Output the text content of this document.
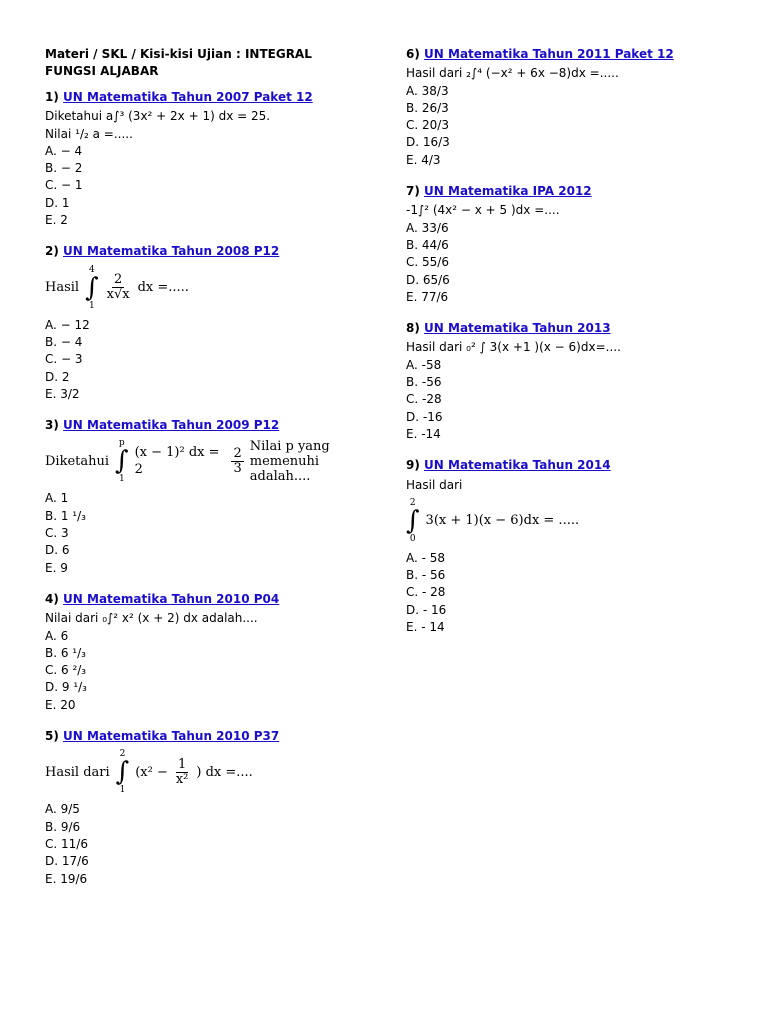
Materi / SKL / Kisi-kisi Ujian : INTEGRAL
FUNGSI ALJABAR
1) UN Matematika Tahun 2007 Paket 12
Diketahui a∫³ (3x² + 2x + 1) dx = 25.
Nilai ¹/₂ a =.....
A. − 4
B. − 2
C. − 1
D. 1
E. 2
2) UN Matematika Tahun 2008 P12
Hasil
4
∫
1
$\frac{2}{x√x}$ dx =.....
A. − 12
B. − 4
C. − 3
D. 2
E. 3/2
3) UN Matematika Tahun 2009 P12
Diketahui
p
∫
1
(x − 1)² dx = 2	$\frac{2}{3}$
Nilai p yang
memenuhi adalah....
A. 1
B. 1 ¹/₃
C. 3
D. 6
E. 9
4) UN Matematika Tahun 2010 P04
Nilai dari ₀∫² x² (x + 2) dx adalah....
A. 6
B. 6 ¹/₃
C. 6 ²/₃
D. 9 ¹/₃
E. 20
5) UN Matematika Tahun 2010 P37
Hasil dari
2
∫
1
($x^2 - \frac{1}{\text{x²}}$ ) dx =....
A. 9/5
B. 9/6
C. 11/6
D. 17/6
E. 19/6
6) UN Matematika Tahun 2011 Paket 12
Hasil dari ₂∫⁴ (−x² + 6x −8)dx =.....
A. 38/3
B. 26/3
C. 20/3
D. 16/3
E. 4/3
7) UN Matematika IPA 2012
-1∫² (4x² − x + 5 )dx =....
A. 33/6
B. 44/6
C. 55/6
D. 65/6
E. 77/6
8) UN Matematika Tahun 2013
Hasil dari ₀² ∫ 3(x +1 )(x − 6)dx=....
A. -58
B. -56
C. -28
D. -16
E. -14
9) UN Matematika Tahun 2014
Hasil dari
2
∫
0
3(x + 1)(x − 6)dx = .....
A. - 58
B. - 56
C. - 28
D. - 16
E. - 14
